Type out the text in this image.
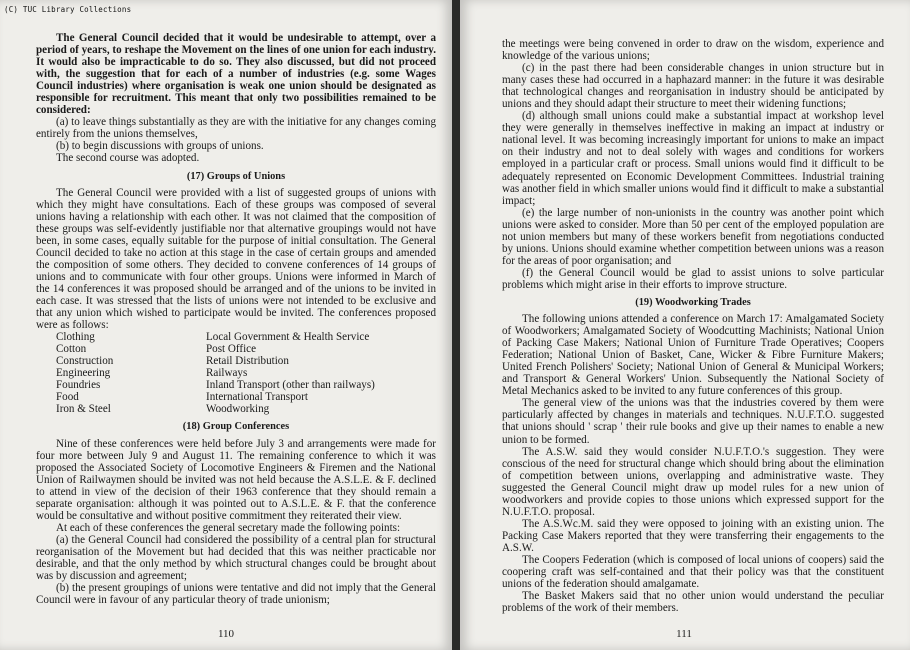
(C) TUC Library Collections

The General Council decided that it would be undesirable to attempt, over a period of years, to reshape the Movement on the lines of one union for each industry. It would also be impracticable to do so. They also discussed, but did not proceed with, the suggestion that for each of a number of industries (e.g. some Wages Council industries) where organisation is weak one union should be designated as responsible for recruitment. This meant that only two possibilities remained to be considered:

(a) to leave things substantially as they are with the initiative for any changes coming entirely from the unions themselves,

(b) to begin discussions with groups of unions.

The second course was adopted.

(17) Groups of Unions

The General Council were provided with a list of suggested groups of unions with which they might have consultations. Each of these groups was composed of several unions having a relationship with each other. It was not claimed that the composition of these groups was self-evidently justifiable nor that alternative groupings would not have been, in some cases, equally suitable for the purpose of initial consultation. The General Council decided to take no action at this stage in the case of certain groups and amended the composition of some others. They decided to convene conferences of 14 groups of unions and to communicate with four other groups. Unions were informed in March of the 14 conferences it was proposed should be arranged and of the unions to be invited in each case. It was stressed that the lists of unions were not intended to be exclusive and that any union which wished to participate would be invited. The conferences proposed were as follows:

Clothing	Local Government & Health Service
Cotton	Post Office
Construction	Retail Distribution
Engineering	Railways
Foundries	Inland Transport (other than railways)
Food	International Transport
Iron & Steel	Woodworking
(18) Group Conferences

Nine of these conferences were held before July 3 and arrangements were made for four more between July 9 and August 11. The remaining conference to which it was proposed the Associated Society of Locomotive Engineers & Firemen and the National Union of Railwaymen should be invited was not held because the A.S.L.E. & F. declined to attend in view of the decision of their 1963 conference that they should remain a separate organisation: although it was pointed out to A.S.L.E. & F. that the conference would be consultative and without positive commitment they reiterated their view.

At each of these conferences the general secretary made the following points:

(a) the General Council had considered the possibility of a central plan for structural reorganisation of the Movement but had decided that this was neither practicable nor desirable, and that the only method by which structural changes could be brought about was by discussion and agreement;

(b) the present groupings of unions were tentative and did not imply that the General Council were in favour of any particular theory of trade unionism;

110

the meetings were being convened in order to draw on the wisdom, experience and knowledge of the various unions;

(c) in the past there had been considerable changes in union structure but in many cases these had occurred in a haphazard manner: in the future it was desirable that technological changes and reorganisation in industry should be anticipated by unions and they should adapt their structure to meet their widening functions;

(d) although small unions could make a substantial impact at workshop level they were generally in themselves ineffective in making an impact at industry or national level. It was becoming increasingly important for unions to make an impact on their industry and not to deal solely with wages and conditions for workers employed in a particular craft or process. Small unions would find it difficult to be adequately represented on Economic Development Committees. Industrial training was another field in which smaller unions would find it difficult to make a substantial impact;

(e) the large number of non-unionists in the country was another point which unions were asked to consider. More than 50 per cent of the employed population are not union members but many of these workers benefit from negotiations conducted by unions. Unions should examine whether competition between unions was a reason for the areas of poor organisation; and

(f) the General Council would be glad to assist unions to solve particular problems which might arise in their efforts to improve structure.

(19) Woodworking Trades

The following unions attended a conference on March 17: Amalgamated Society of Woodworkers; Amalgamated Society of Woodcutting Machinists; National Union of Packing Case Makers; National Union of Furniture Trade Operatives; Coopers Federation; National Union of Basket, Cane, Wicker & Fibre Furniture Makers; United French Polishers' Society; National Union of General & Municipal Workers; and Transport & General Workers' Union. Subsequently the National Society of Metal Mechanics asked to be invited to any future conferences of this group.

The general view of the unions was that the industries covered by them were particularly affected by changes in materials and techniques. N.U.F.T.O. suggested that unions should ' scrap ' their rule books and give up their names to enable a new union to be formed.

The A.S.W. said they would consider N.U.F.T.O.'s suggestion. They were conscious of the need for structural change which should bring about the elimination of competition between unions, overlapping and administrative waste. They suggested the General Council might draw up model rules for a new union of woodworkers and provide copies to those unions which expressed support for the N.U.F.T.O. proposal.

The A.S.Wc.M. said they were opposed to joining with an existing union. The Packing Case Makers reported that they were transferring their engagements to the A.S.W.

The Coopers Federation (which is composed of local unions of coopers) said the coopering craft was self-contained and that their policy was that the constituent unions of the federation should amalgamate.

The Basket Makers said that no other union would understand the peculiar problems of the work of their members.

111
